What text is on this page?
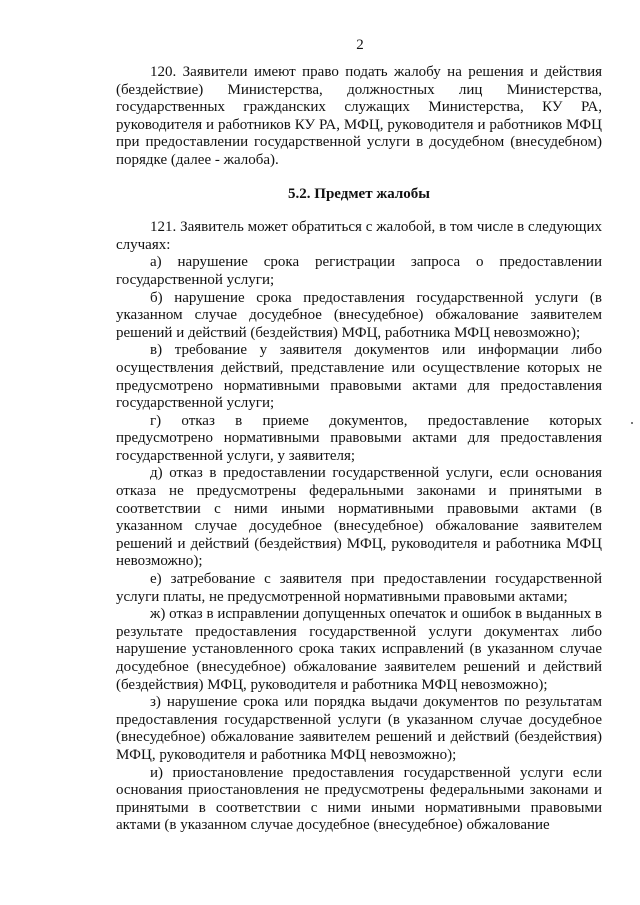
2

120. Заявители имеют право подать жалобу на решения и действия (бездействие) Министерства, должностных лиц Министерства, государственных гражданских служащих Министерства, КУ РА, руководителя и работников КУ РА, МФЦ, руководителя и работников МФЦ при предоставлении государственной услуги в досудебном (внесудебном) порядке (далее - жалоба).

5.2. Предмет жалобы

121. Заявитель может обратиться с жалобой, в том числе в следующих случаях:

а) нарушение срока регистрации запроса о предоставлении государственной услуги;

б) нарушение срока предоставления государственной услуги (в указанном случае досудебное (внесудебное) обжалование заявителем решений и действий (бездействия) МФЦ, работника МФЦ невозможно);

в) требование у заявителя документов или информации либо осуществления действий, представление или осуществление которых не предусмотрено нормативными правовыми актами для предоставления государственной услуги;

г) отказ в приеме документов, предоставление которых предусмотрено нормативными правовыми актами для предоставления государственной услуги, у заявителя;

д) отказ в предоставлении государственной услуги, если основания отказа не предусмотрены федеральными законами и принятыми в соответствии с ними иными нормативными правовыми актами (в указанном случае досудебное (внесудебное) обжалование заявителем решений и действий (бездействия) МФЦ, руководителя и работника МФЦ невозможно);

е) затребование с заявителя при предоставлении государственной услуги платы, не предусмотренной нормативными правовыми актами;

ж) отказ в исправлении допущенных опечаток и ошибок в выданных в результате предоставления государственной услуги документах либо нарушение установленного срока таких исправлений (в указанном случае досудебное (внесудебное) обжалование заявителем решений и действий (бездействия) МФЦ, руководителя и работника МФЦ невозможно);

з) нарушение срока или порядка выдачи документов по результатам предоставления государственной услуги (в указанном случае досудебное (внесудебное) обжалование заявителем решений и действий (бездействия) МФЦ, руководителя и работника МФЦ невозможно);

и) приостановление предоставления государственной услуги если основания приостановления не предусмотрены федеральными законами и принятыми в соответствии с ними иными нормативными правовыми актами (в указанном случае досудебное (внесудебное) обжалование
